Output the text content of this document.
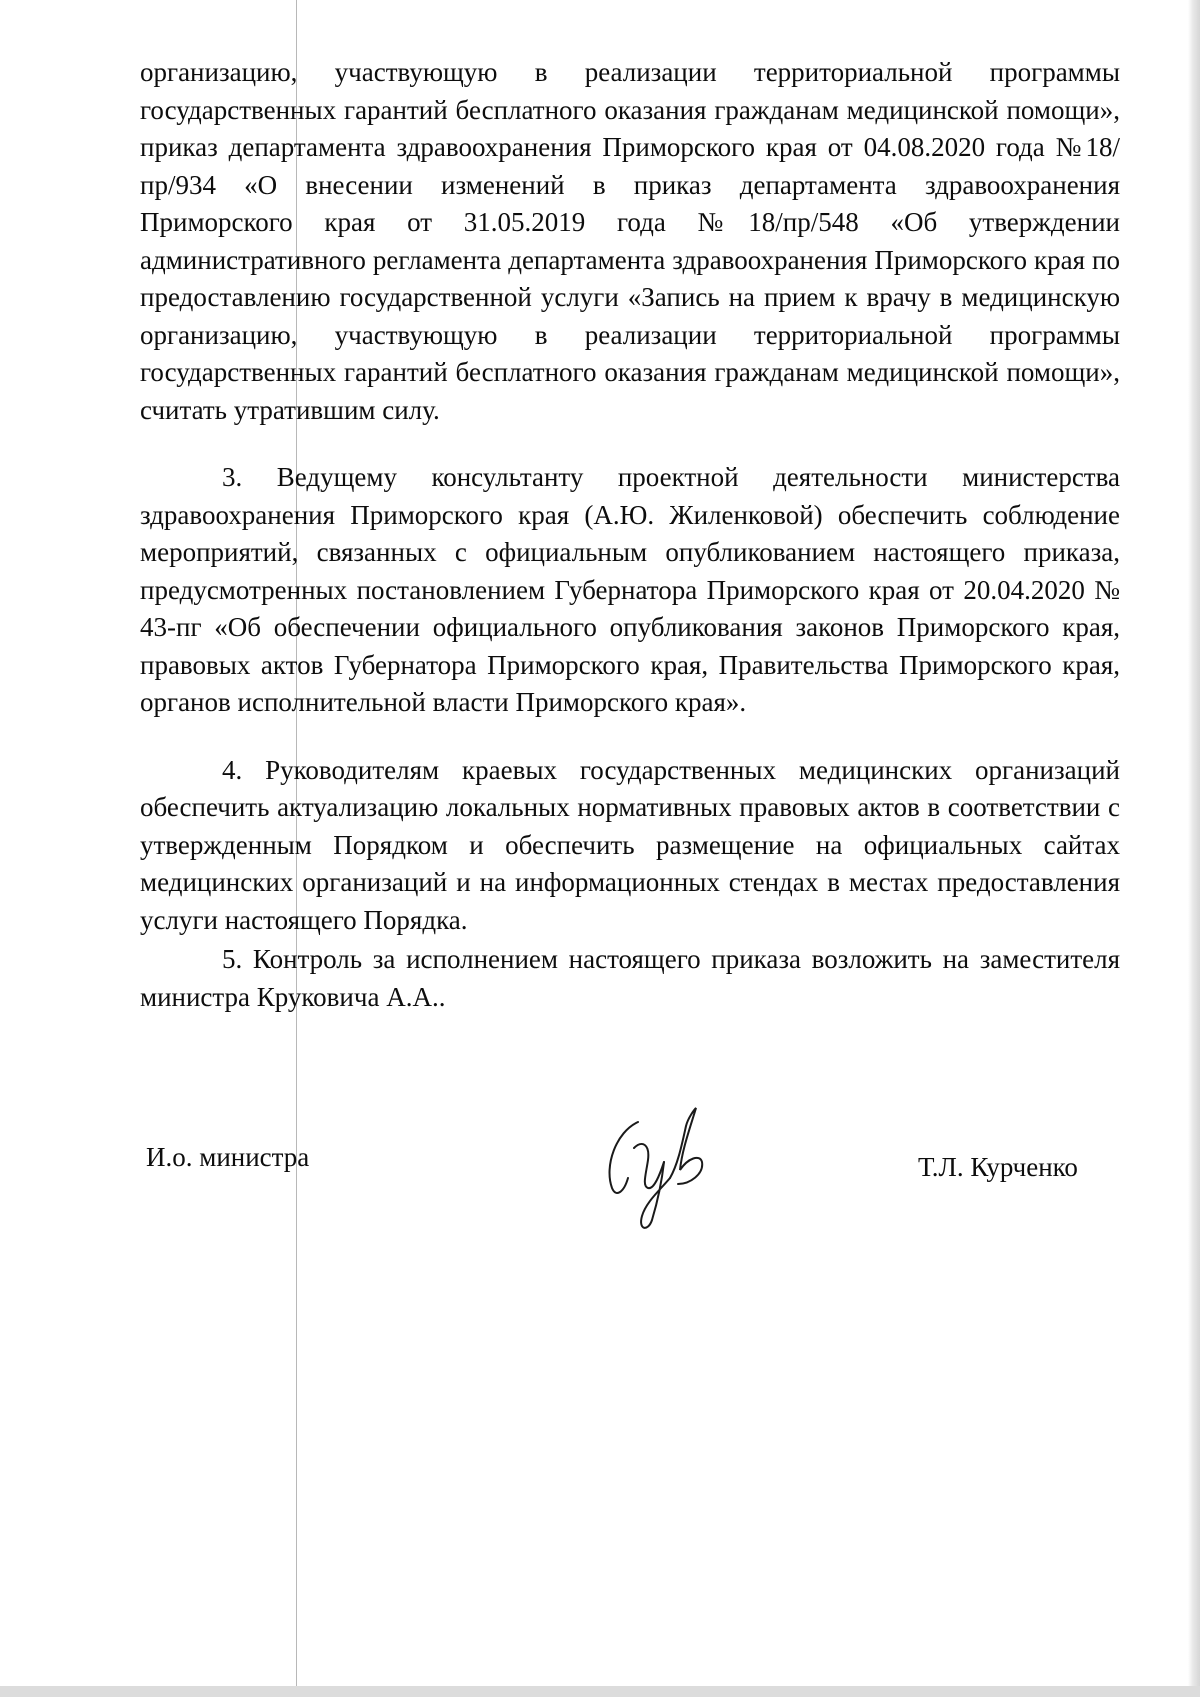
организацию, участвующую в реализации территориальной программы государственных гарантий бесплатного оказания гражданам медицинской помощи», приказ департамента здравоохранения Приморского края от 04.08.2020 года №18/пр/934 «О внесении изменений в приказ департамента здравоохранения Приморского края от 31.05.2019 года №18/пр/548 «Об утверждении административного регламента департамента здравоохранения Приморского края по предоставлению государственной услуги «Запись на прием к врачу в медицинскую организацию, участвующую в реализации территориальной программы государственных гарантий бесплатного оказания гражданам медицинской помощи», считать утратившим силу.

3. Ведущему консультанту проектной деятельности министерства здравоохранения Приморского края (А.Ю. Жиленковой) обеспечить соблюдение мероприятий, связанных с официальным опубликованием настоящего приказа, предусмотренных постановлением Губернатора Приморского края от 20.04.2020 № 43-пг «Об обеспечении официального опубликования законов Приморского края, правовых актов Губернатора Приморского края, Правительства Приморского края, органов исполнительной власти Приморского края».

4. Руководителям краевых государственных медицинских организаций обеспечить актуализацию локальных нормативных правовых актов в соответствии с утвержденным Порядком и обеспечить размещение на официальных сайтах медицинских организаций и на информационных стендах в местах предоставления услуги настоящего Порядка.

5. Контроль за исполнением настоящего приказа возложить на заместителя министра Круковича А.А..

И.о. министра	Т.Л. Курченко
